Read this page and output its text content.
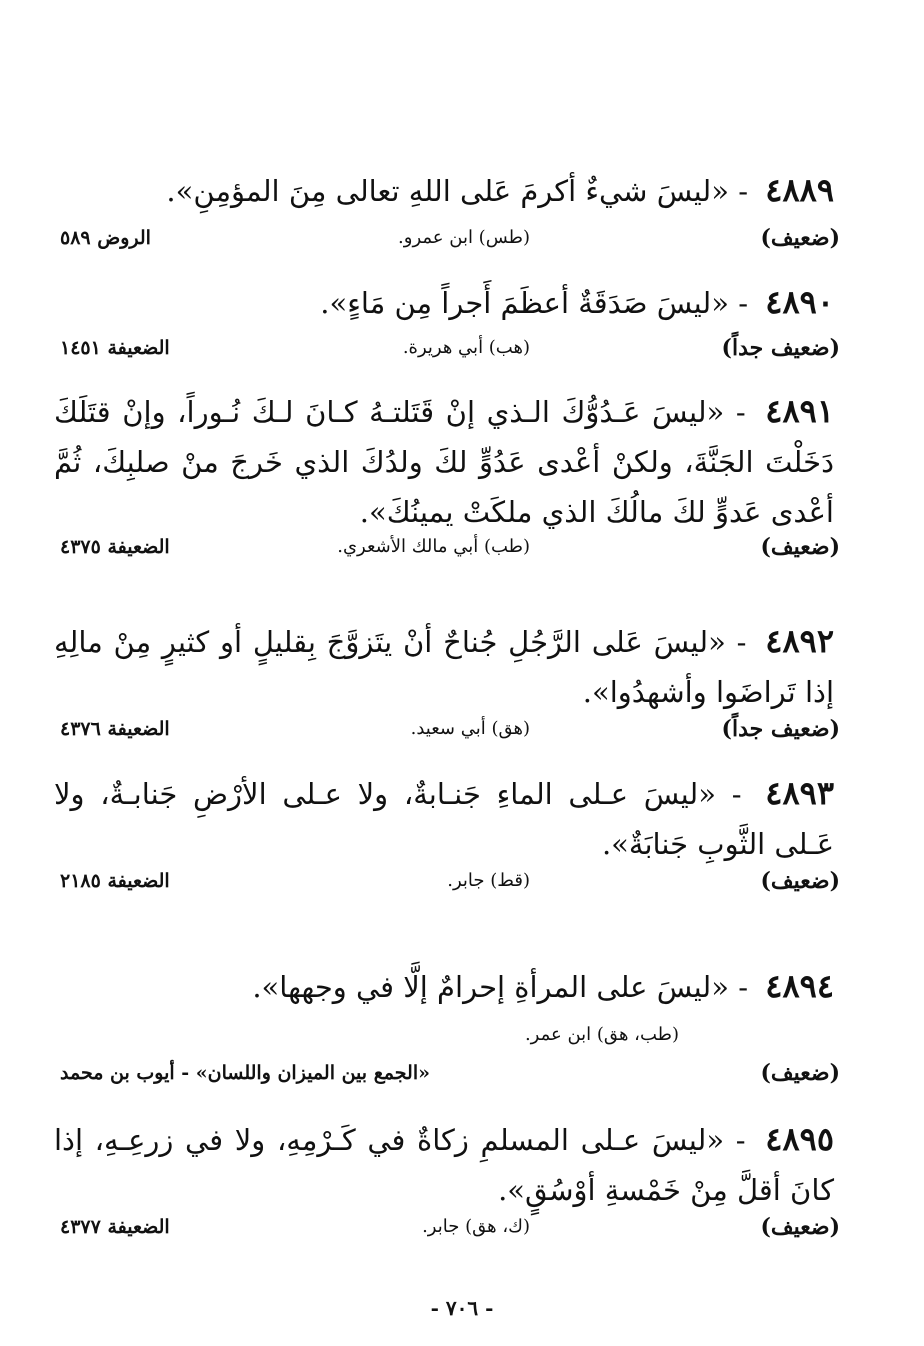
٤٨٨٩ - «ليسَ شيءٌ أكرمَ عَلى اللهِ تعالى مِنَ المؤمِنِ».
(ضعيف)
(طس) ابن عمرو.
الروض ٥٨٩
٤٨٩٠ - «ليسَ صَدَقَةٌ أعظَمَ أَجراً مِن مَاءٍ».
(ضعيف جداً)
(هب) أبي هريرة.
الضعيفة ١٤٥١
٤٨٩١ - «ليسَ عَـدُوُّكَ الـذي إنْ قَتَلتـهُ كـانَ لـكَ نُـوراً، وإنْ قتَلَكَ دَخَلْتَ الجَنَّةَ، ولكنْ أعْدى عَدُوٍّ لكَ ولدُكَ الذي خَرجَ منْ صلبِكَ، ثُمَّ أعْدى عَدوٍّ لكَ مالُكَ الذي ملكَتْ يمينُكَ».
(ضعيف)
(طب) أبي مالك الأشعري.
الضعيفة ٤٣٧٥
٤٨٩٢ - «ليسَ عَلى الرَّجُلِ جُناحٌ أنْ يتَزوَّجَ بِقليلٍ أو كثيرٍ مِنْ مالِهِ إذا تَراضَوا وأشهدُوا».
(ضعيف جداً)
(هق) أبي سعيد.
الضعيفة ٤٣٧٦
٤٨٩٣ - «ليسَ عـلى الماءِ جَنـابةٌ، ولا عـلى الأرْضِ جَنابـةٌ، ولا عَـلى الثَّوبِ جَنابَةٌ».
(ضعيف)
(قط) جابر.
الضعيفة ٢١٨٥
٤٨٩٤ - «ليسَ على المرأةِ إحرامٌ إلَّا في وجهها».
(طب، هق) ابن عمر.
(ضعيف)
«الجمع بين الميزان واللسان» - أيوب بن محمد
٤٨٩٥ - «ليسَ عـلى المسلمِ زكاةٌ في كَـرْمِهِ، ولا في زرعِـهِ، إذا كانَ أقلَّ مِنْ خَمْسةِ أوْسُقٍ».
(ضعيف)
(ك، هق) جابر.
الضعيفة ٤٣٧٧
- ٧٠٦ -
